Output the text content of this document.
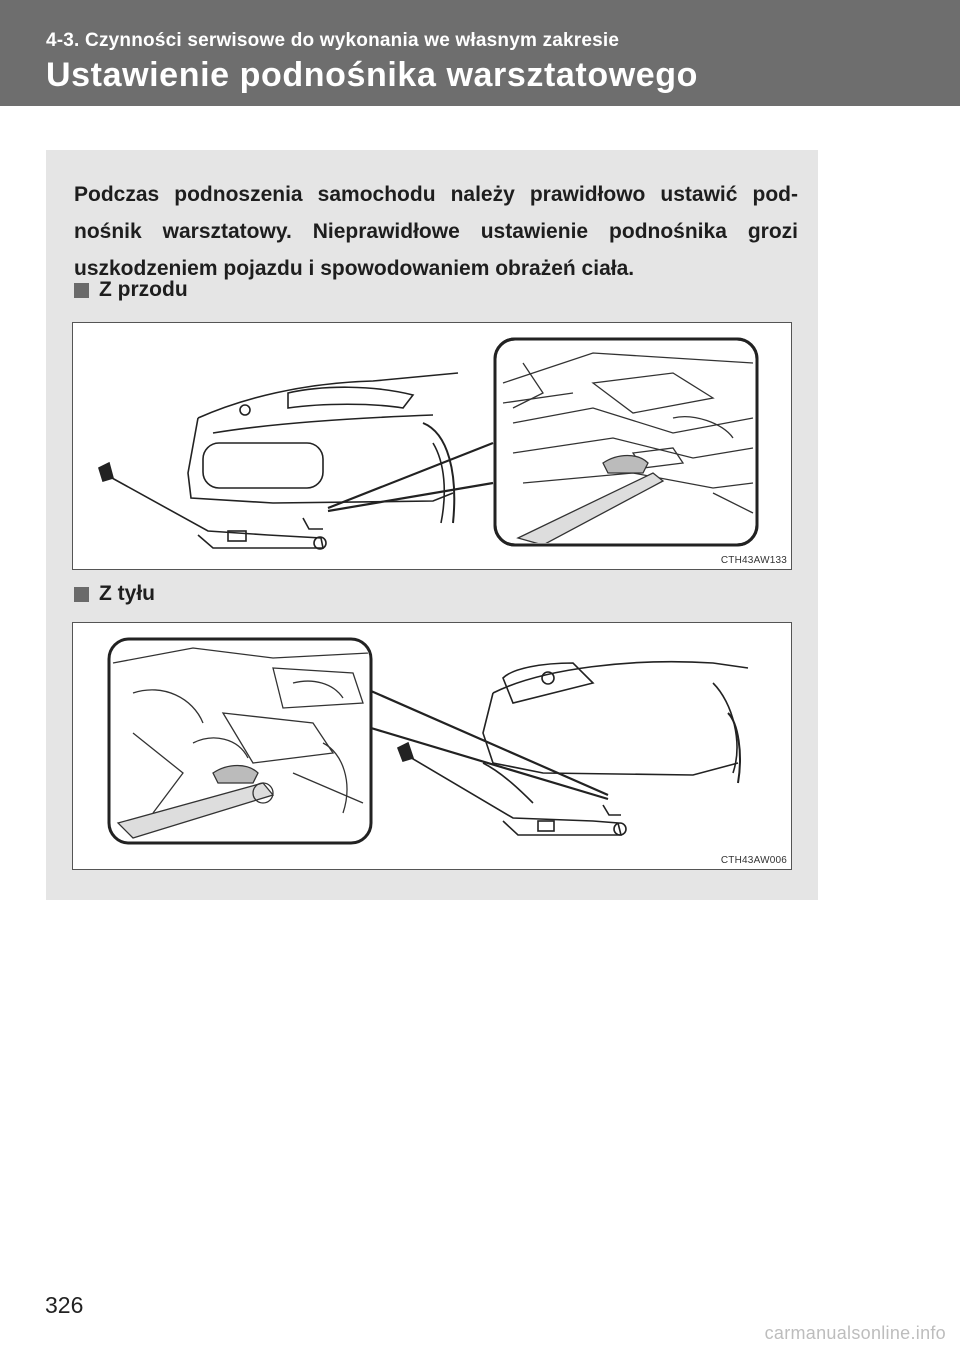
4-3. Czynności serwisowe do wykonania we własnym zakresie
Ustawienie podnośnika warsztatowego

Podczas podnoszenia samochodu należy prawidłowo ustawić pod-nośnik warsztatowy. Nieprawidłowe ustawienie podnośnika grozi uszkodzeniem pojazdu i spowodowaniem obrażeń ciała.

Z przodu
CTH43AW133
Z tyłu
CTH43AW006
326
carmanualsonline.info
